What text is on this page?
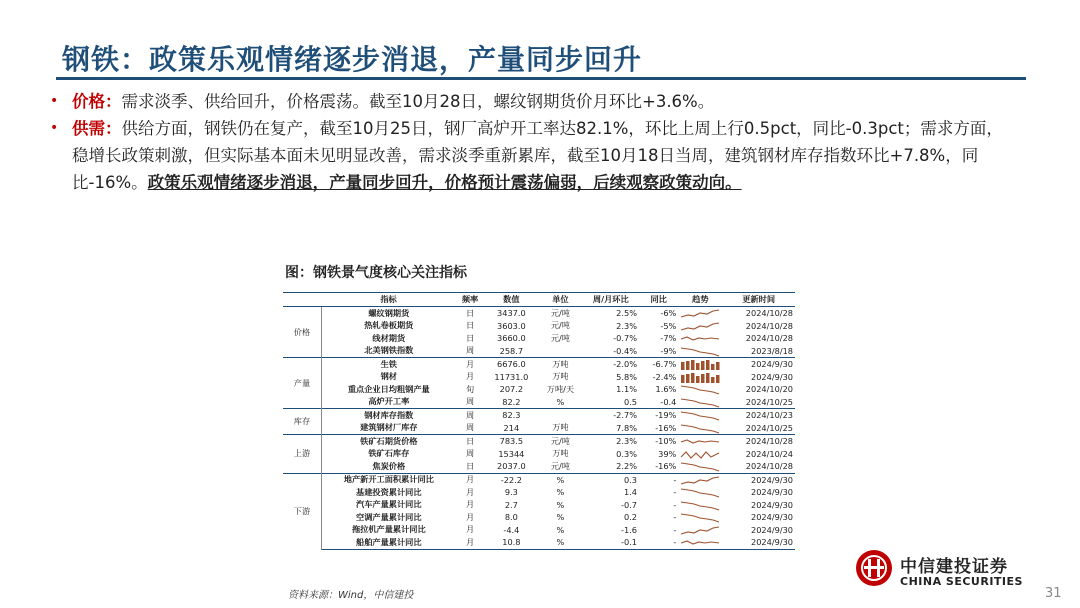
钢铁：政策乐观情绪逐步消退，产量同步回升
• 价格：需求淡季、供给回升，价格震荡。截至10月28日，螺纹钢期货价月环比+3.6%。
• 供需：供给方面，钢铁仍在复产，截至10月25日，钢厂高炉开工率达82.1%，环比上周上行0.5pct，同比-0.3pct；需求方面，稳增长政策刺激，但实际基本面未见明显改善，需求淡季重新累库，截至10月18日当周，建筑钢材库存指数环比+7.8%，同比-16%。政策乐观情绪逐步消退，产量同步回升，价格预计震荡偏弱，后续观察政策动向。
图：钢铁景气度核心关注指标
	指标	频率	数值	单位	周/月环比	同比	趋势	更新时间
价格	螺纹钢期货	日	3437.0	元/吨	2.5%	-6%		2024/10/28
	热轧卷板期货	日	3603.0	元/吨	2.3%	-5%		2024/10/28
	线材期货	日	3660.0	元/吨	-0.7%	-7%		2024/10/28
	北美钢铁指数	周	258.7		-0.4%	-9%		2023/8/18
产量	生铁	月	6676.0	万吨	-2.0%	-6.7%		2024/9/30
	钢材	月	11731.0	万吨	5.8%	-2.4%		2024/9/30
	重点企业日均粗钢产量	旬	207.2	万吨/天	1.1%	1.6%		2024/10/20
	高炉开工率	周	82.2	%	0.5	-0.4		2024/10/25
库存	钢材库存指数	周	82.3		-2.7%	-19%		2024/10/23
	建筑钢材厂库存	周	214	万吨	7.8%	-16%		2024/10/25
上游	铁矿石期货价格	日	783.5	元/吨	2.3%	-10%		2024/10/28
	铁矿石库存	周	15344	万吨	0.3%	39%		2024/10/24
	焦炭价格	日	2037.0	元/吨	2.2%	-16%		2024/10/28
下游	地产新开工面积累计同比	月	-22.2	%	0.3	-		2024/9/30
	基建投资累计同比	月	9.3	%	1.4	-		2024/9/30
	汽车产量累计同比	月	2.7	%	-0.7	-		2024/9/30
	空调产量累计同比	月	8.0	%	0.2	-		2024/9/30
	拖拉机产量累计同比	月	-4.4	%	-1.6	-		2024/9/30
	船舶产量累计同比	月	10.8	%	-0.1	-		2024/9/30
资料来源：Wind，中信建投
中信建投证券
CHINA SECURITIES
31
